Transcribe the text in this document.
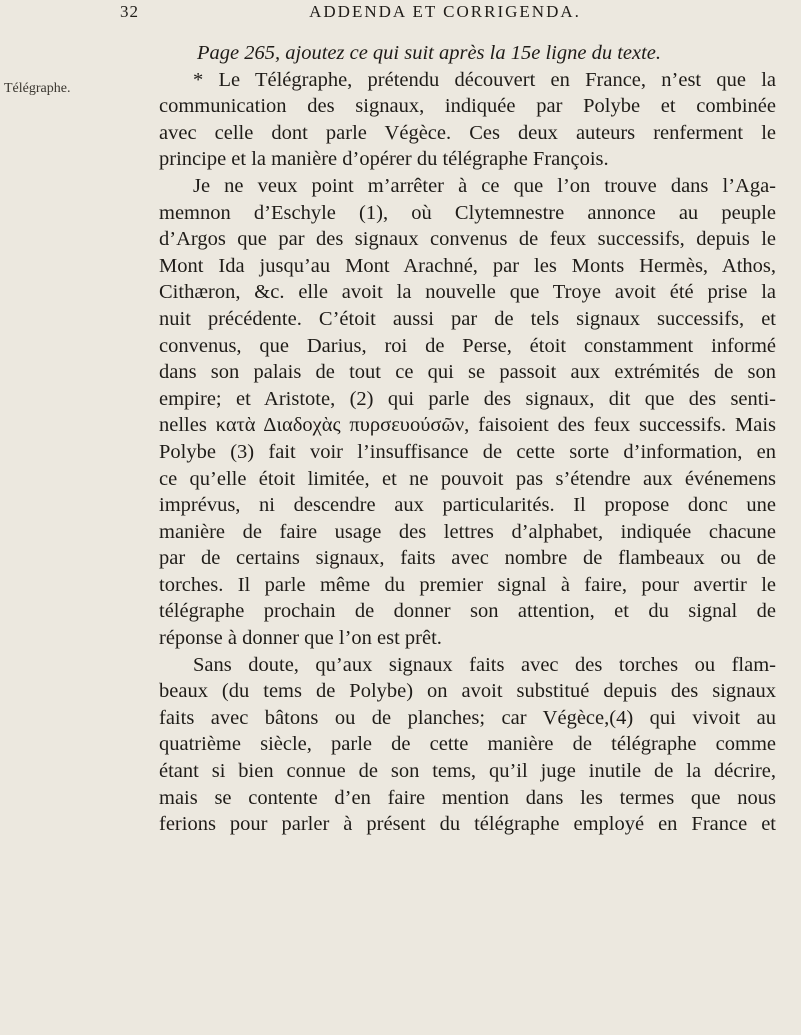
32	ADDENDA ET CORRIGENDA.
Télégraphe.
Page 265, ajoutez ce qui suit après la 15e ligne du texte.
* Le Télégraphe, prétendu découvert en France, n’est que la
communication des signaux, indiquée par Polybe et combinée
avec celle dont parle Végèce. Ces deux auteurs renferment le
principe et la manière d’opérer du télégraphe François.
Je ne veux point m’arrêter à ce que l’on trouve dans l’Aga-
memnon d’Eschyle (1), où Clytemnestre annonce au peuple
d’Argos que par des signaux convenus de feux successifs, depuis le
Mont Ida jusqu’au Mont Arachné, par les Monts Hermès, Athos,
Cithæron, &c. elle avoit la nouvelle que Troye avoit été prise la
nuit précédente. C’étoit aussi par de tels signaux successifs, et
convenus, que Darius, roi de Perse, étoit constamment informé
dans son palais de tout ce qui se passoit aux extrémités de son
empire; et Aristote, (2) qui parle des signaux, dit que des senti-
nelles κατὰ Διαδοχὰς πυρσευούσῶν, faisoient des feux successifs. Mais
Polybe (3) fait voir l’insuffisance de cette sorte d’information, en
ce qu’elle étoit limitée, et ne pouvoit pas s’étendre aux événemens
imprévus, ni descendre aux particularités. Il propose donc une
manière de faire usage des lettres d’alphabet, indiquée chacune
par de certains signaux, faits avec nombre de flambeaux ou de
torches. Il parle même du premier signal à faire, pour avertir le
télégraphe prochain de donner son attention, et du signal de
réponse à donner que l’on est prêt.
Sans doute, qu’aux signaux faits avec des torches ou flam-
beaux (du tems de Polybe) on avoit substitué depuis des signaux
faits avec bâtons ou de planches; car Végèce,(4) qui vivoit au
quatrième siècle, parle de cette manière de télégraphe comme
étant si bien connue de son tems, qu’il juge inutile de la décrire,
mais se contente d’en faire mention dans les termes que nous
ferions pour parler à présent du télégraphe employé en France et
